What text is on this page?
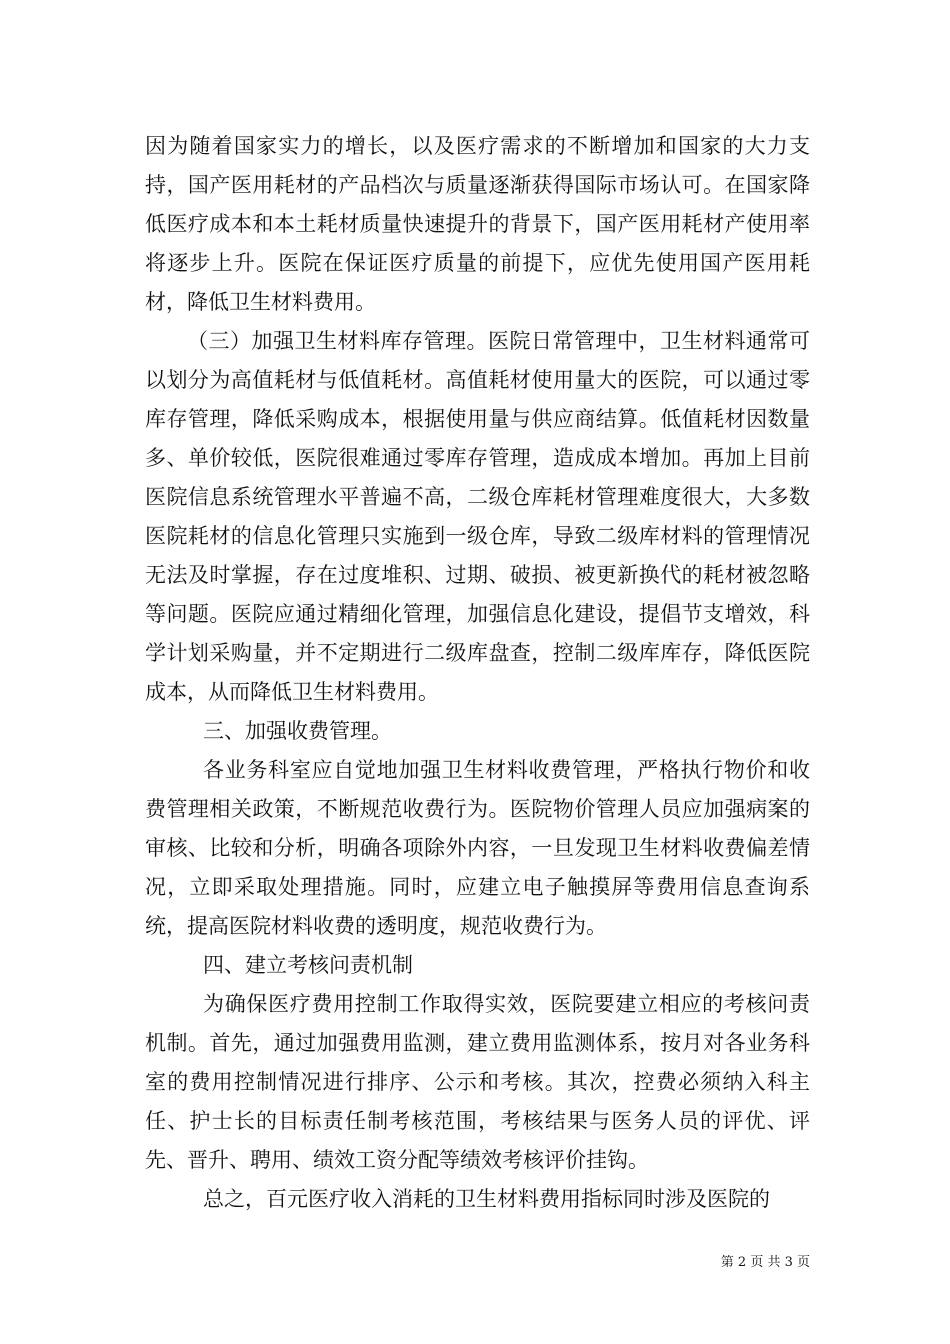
因为随着国家实力的增长，以及医疗需求的不断增加和国家的大力支持，国产医用耗材的产品档次与质量逐渐获得国际市场认可。在国家降低医疗成本和本土耗材质量快速提升的背景下，国产医用耗材产使用率将逐步上升。医院在保证医疗质量的前提下，应优先使用国产医用耗材，降低卫生材料费用。

（三）加强卫生材料库存管理。医院日常管理中，卫生材料通常可以划分为高值耗材与低值耗材。高值耗材使用量大的医院，可以通过零库存管理，降低采购成本，根据使用量与供应商结算。低值耗材因数量多、单价较低，医院很难通过零库存管理，造成成本增加。再加上目前医院信息系统管理水平普遍不高，二级仓库耗材管理难度很大，大多数医院耗材的信息化管理只实施到一级仓库，导致二级库材料的管理情况无法及时掌握，存在过度堆积、过期、破损、被更新换代的耗材被忽略等问题。医院应通过精细化管理，加强信息化建设，提倡节支增效，科学计划采购量，并不定期进行二级库盘查，控制二级库库存，降低医院成本，从而降低卫生材料费用。

三、加强收费管理。

各业务科室应自觉地加强卫生材料收费管理，严格执行物价和收费管理相关政策，不断规范收费行为。医院物价管理人员应加强病案的审核、比较和分析，明确各项除外内容，一旦发现卫生材料收费偏差情况，立即采取处理措施。同时，应建立电子触摸屏等费用信息查询系统，提高医院材料收费的透明度，规范收费行为。

四、建立考核问责机制

为确保医疗费用控制工作取得实效，医院要建立相应的考核问责机制。首先，通过加强费用监测，建立费用监测体系，按月对各业务科室的费用控制情况进行排序、公示和考核。其次，控费必须纳入科主任、护士长的目标责任制考核范围，考核结果与医务人员的评优、评先、晋升、聘用、绩效工资分配等绩效考核评价挂钩。

总之，百元医疗收入消耗的卫生材料费用指标同时涉及医院的

第 2 页 共 3 页
